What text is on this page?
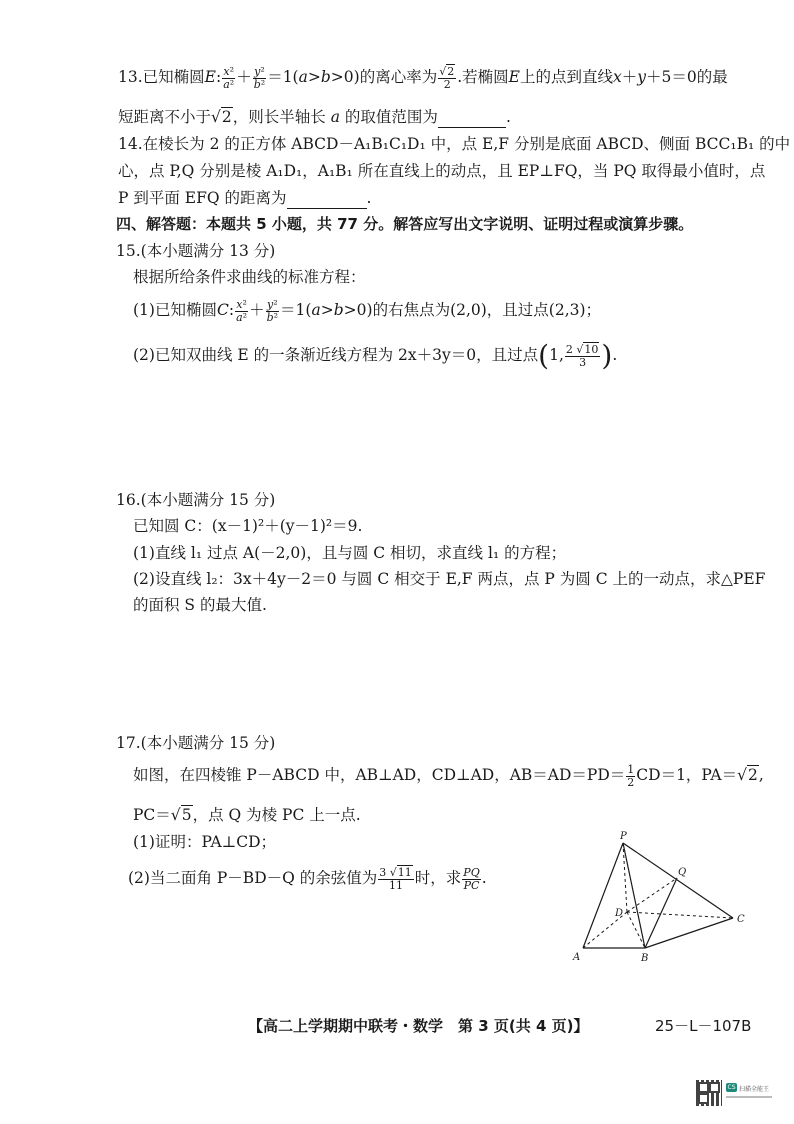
13.已知椭圆E: $\frac{\text{x²}}{\text{a²}} + \frac{\text{y²}}{\text{b²}} =1(a>b>0)$的离心率为 $\frac{√2}{2}$ .若椭圆E上的点到直线x＋y＋5＝0的最
短距离不小于√2，则长半轴长 a 的取值范围为	.
14.在棱长为 2 的正方体 ABCD－A₁B₁C₁D₁ 中，点 E,F 分别是底面 ABCD、侧面 BCC₁B₁ 的中
心，点 P,Q 分别是棱 A₁D₁，A₁B₁ 所在直线上的动点，且 EP⊥FQ，当 PQ 取得最小值时，点
P 到平面 EFQ 的距离为	.
四、解答题：本题共 5 小题，共 77 分。解答应写出文字说明、证明过程或演算步骤。
15.(本小题满分 13 分)
根据所给条件求曲线的标准方程：
(1)已知椭圆C: $\frac{\text{x²}}{\text{a²}} + \frac{\text{y²}}{\text{b²}} =1(a>b>0)$的右焦点为(2,0)，且过点(2,3)；
(2)已知双曲线 E 的一条渐近线方程为 2x＋3y＝0，且过点(1, $\frac{2 √10}{3}$ ).
16.(本小题满分 15 分)
已知圆 C：(x－1)²＋(y－1)²＝9.
(1)直线 l₁ 过点 A(－2,0)，且与圆 C 相切，求直线 l₁ 的方程；
(2)设直线 l₂：3x＋4y－2＝0 与圆 C 相交于 E,F 两点，点 P 为圆 C 上的一动点，求△PEF
的面积 S 的最大值.
17.(本小题满分 15 分)
如图，在四棱锥 P－ABCD 中，AB⊥AD，CD⊥AD，$AB=AD=PD= \frac{1}{2} CD=1$，PA＝√2,
PC＝√5，点 Q 为棱 PC 上一点.
(1)证明：PA⊥CD；
(2)当二面角 P－BD－Q 的余弦值为 $\frac{3 √11}{11}$ 时，求 $\frac{PQ}{PC}$ .
P
Q
D
C
A	B
【高二上学期期中联考・数学　第 3 页(共 4 页)】	25－L－107B
CS 扫描全能王
